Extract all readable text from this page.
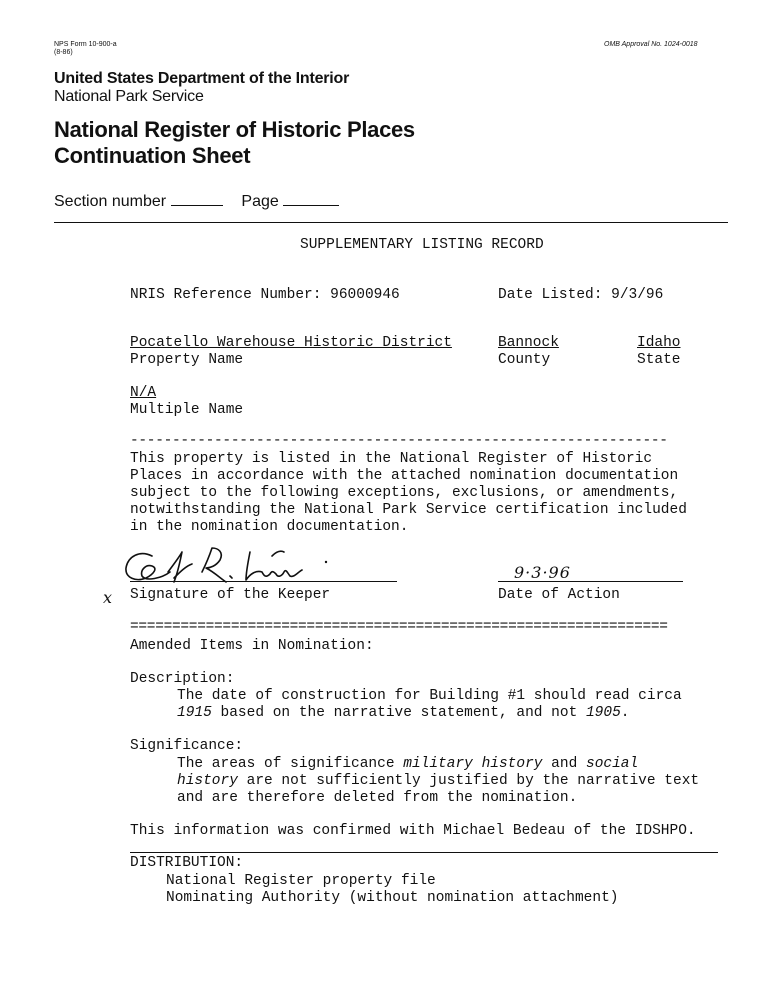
NPS Form 10-900-a
(8-86)
OMB Approval No. 1024-0018
United States Department of the Interior
National Park Service
National Register of Historic Places
Continuation Sheet
Section number	Page
SUPPLEMENTARY LISTING RECORD
NRIS Reference Number: 96000946	Date Listed: 9/3/96
Pocatello Warehouse Historic District
Property Name
Bannock
County
Idaho
State
N/A
Multiple Name
----------------------------------------------------------------
This property is listed in the National Register of Historic
Places in accordance with the attached nomination documentation
subject to the following exceptions, exclusions, or amendments,
notwithstanding the National Park Service certification included
in the nomination documentation.
x Signature of the Keeper
9·3·96
Date of Action
================================================================
Amended Items in Nomination:
Description:
The date of construction for Building #1 should read circa
1915 based on the narrative statement, and not 1905.
Significance:
The areas of significance military history and social
history are not sufficiently justified by the narrative text
and are therefore deleted from the nomination.
This information was confirmed with Michael Bedeau of the IDSHPO.
DISTRIBUTION:
National Register property file
Nominating Authority (without nomination attachment)
